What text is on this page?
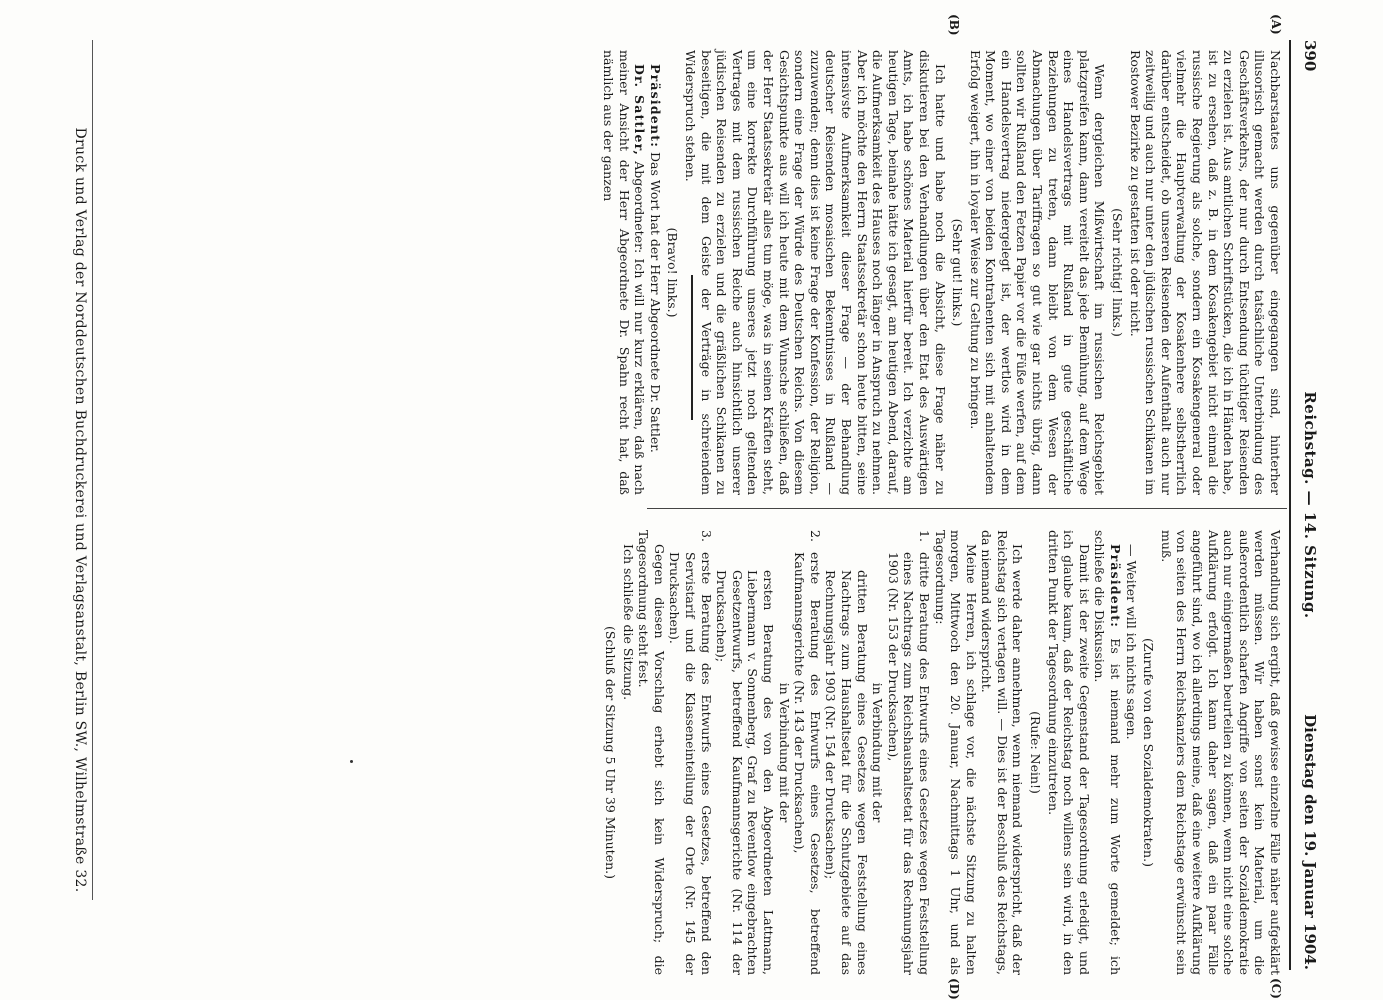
390
Reichstag. — 14. Sitzung.
Dienstag den 19. Januar 1904.
(A)
(B)
(C)
(D)

Nachbarstaates uns gegenüber eingegangen sind, hinterher illusorisch gemacht werden durch tatsächliche Unterbindung des Geschäftsverkehrs, der nur durch Entsendung tüchtiger Reisenden zu erzielen ist. Aus amtlichen Schriftstücken, die ich in Händen habe, ist zu ersehen, daß z. B. in dem Kosakengebiet nicht einmal die russische Regierung als solche, sondern ein Kosakengeneral oder vielmehr die Hauptverwaltung der Kosakenhere selbstherrlich darüber entscheidet, ob unseren Reisenden der Aufenthalt auch nur zeitweilig und auch nur unter den jüdischen russischen Schikanen im Rostower Bezirke zu gestatten ist oder nicht.

(Sehr richtig! links.)

Wenn dergleichen Mißwirtschaft im russischen Reichsgebiet platzgreifen kann, dann vereitelt das jede Bemühung, auf dem Wege eines Handelsvertrags mit Rußland in gute geschäftliche Beziehungen zu treten, dann bleibt von dem Wesen der Abmachungen über Tariffragen so gut wie gar nichts übrig, dann sollten wir Rußland den Fetzen Papier vor die Füße werfen, auf dem ein Handelsvertrag niedergelegt ist, der wertlos wird in dem Moment, wo einer von beiden Kontrahenten sich mit anhaltendem Erfolg weigert, ihn in loyaler Weise zur Geltung zu bringen.

(Sehr gut! links.)

Ich hatte und habe noch die Absicht, diese Frage näher zu diskutieren bei den Verhandlungen über den Etat des Auswärtigen Amts, ich habe schönes Material hierfür bereit. Ich verzichte am heutigen Tage, beinahe hätte ich gesagt, am heutigen Abend, darauf, die Aufmerksamkeit des Hauses noch länger in Anspruch zu nehmen. Aber ich möchte den Herrn Staatssekretär schon heute bitten, seine intensivste Aufmerksamkeit dieser Frage — der Behandlung deutscher Reisenden mosaischen Bekenntnisses in Rußland — zuzuwenden; denn dies ist keine Frage der Konfession, der Religion, sondern eine Frage der Würde des Deutschen Reichs. Von diesem Gesichtspunkte aus will ich heute mit dem Wunsche schließen, daß der Herr Staatssekretär alles tun möge, was in seinen Kräften steht, um eine korrekte Durchführung unseres jetzt noch geltenden Vertrages mit dem russischen Reiche auch hinsichtlich unserer jüdischen Reisenden zu erzielen und die gräßlichen Schikanen zu beseitigen, die mit dem Geiste der Verträge in schreiendem Widerspruch stehen.

(Bravo! links.)

Präsident: Das Wort hat der Herr Abgeordnete Dr. Sattler.

Dr. Sattler, Abgeordneter: Ich will nur kurz erklären, daß nach meiner Ansicht der Herr Abgeordnete Dr. Spahn recht hat, daß nämlich aus der ganzen

Verhandlung sich ergibt, daß gewisse einzelne Fälle näher aufgeklärt werden müssen. Wir haben sonst kein Material, um die außerordentlich scharfen Angriffe von seiten der Sozialdemokratie auch nur einigermaßen beurteilen zu können, wenn nicht eine solche Aufklärung erfolgt. Ich kann daher sagen, daß ein paar Fälle angeführt sind, wo ich allerdings meine, daß eine weitere Aufklärung von seiten des Herrn Reichskanzlers dem Reichstage erwünscht sein muß.

(Zurufe von den Sozialdemokraten.)

— Weiter will ich nichts sagen.

Präsident: Es ist niemand mehr zum Worte gemeldet; ich schließe die Diskussion.

Damit ist der zweite Gegenstand der Tagesordnung erledigt, und ich glaube kaum, daß der Reichstag noch willens sein wird, in den dritten Punkt der Tagesordnung einzutreten.

(Rufe: Nein!)

Ich werde daher annehmen, wenn niemand widerspricht, daß der Reichstag sich vertagen will. — Dies ist der Beschluß des Reichstags, da niemand widerspricht.

Meine Herren, ich schlage vor, die nächste Sitzung zu halten morgen, Mittwoch den 20. Januar, Nachmittags 1 Uhr, und als Tagesordnung:

1.
dritte Beratung des Entwurfs eines Gesetzes wegen Feststellung eines Nachtrags zum Reichshaushaltsetat für das Rechnungsjahr 1903 (Nr. 153 der Drucksachen),

in Verbindung mit der

dritten Beratung eines Gesetzes wegen Feststellung eines Nachtrags zum Haushaltsetat für die Schutzgebiete auf das Rechnungsjahr 1903 (Nr. 154 der Drucksachen);

2.
erste Beratung des Entwurfs eines Gesetzes, betreffend Kaufmannsgerichte (Nr. 143 der Drucksachen),

in Verbindung mit der

ersten Beratung des von den Abgeordneten Lattmann, Liebermann v. Sonnenberg, Graf zu Reventlow eingebrachten Gesetzentwurfs, betreffend Kaufmannsgerichte (Nr. 114 der Drucksachen);

3.
erste Beratung des Entwurfs eines Gesetzes, betreffend den Servistarif und die Klasseneinteilung der Orte (Nr. 145 der Drucksachen).

Gegen diesen Vorschlag erhebt sich kein Widerspruch; die Tagesordnung steht fest.

Ich schließe die Sitzung.

(Schluß der Sitzung 5 Uhr 39 Minuten.)

Druck und Verlag der Norddeutschen Buchdruckerei und Verlagsanstalt, Berlin SW., Wilhelmstraße 32.
